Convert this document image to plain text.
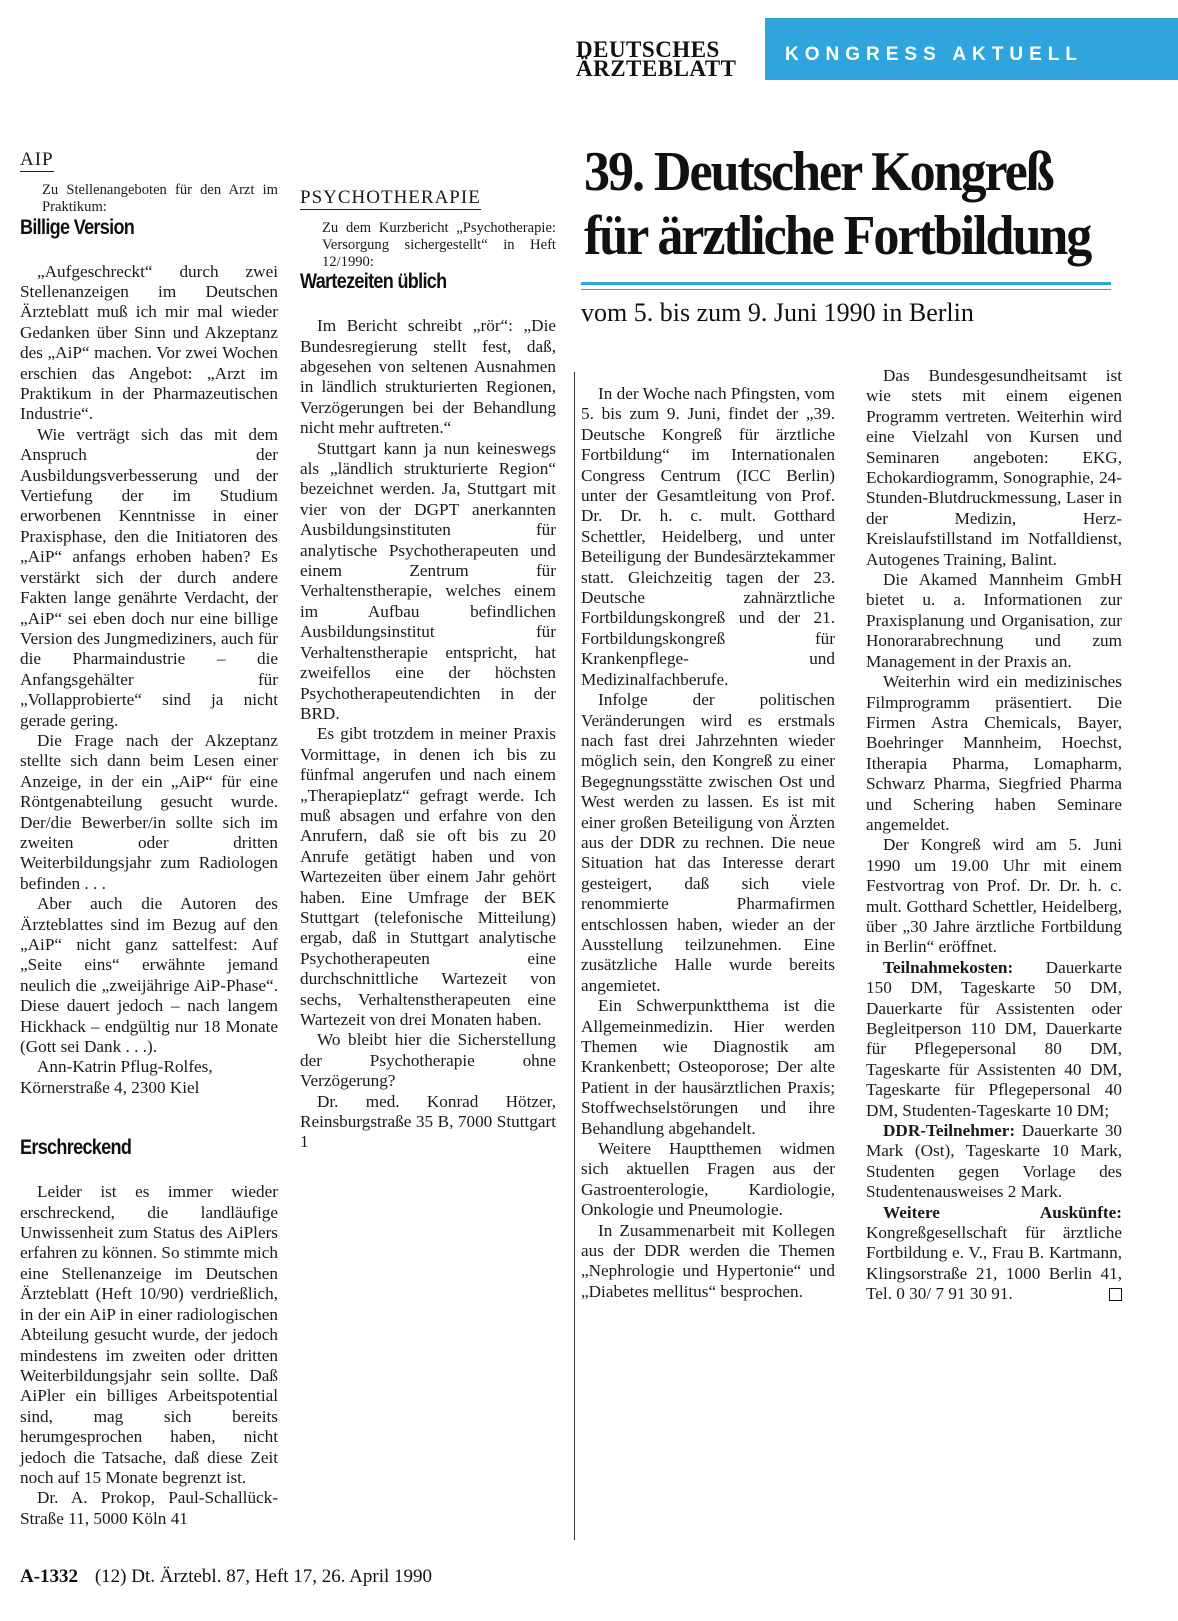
DEUTSCHES
ÄRZTEBLATT
KONGRESS AKTUELL
AIP

Zu Stellenangeboten für den Arzt im Praktikum:

Billige Version

„Aufgeschreckt“ durch zwei Stellenanzeigen im Deutschen Ärzteblatt muß ich mir mal wieder Gedanken über Sinn und Akzeptanz des „AiP“ machen. Vor zwei Wochen erschien das Angebot: „Arzt im Praktikum in der Pharmazeutischen Industrie“.

Wie verträgt sich das mit dem Anspruch der Ausbildungsverbesserung und der Vertiefung der im Studium erworbenen Kenntnisse in einer Praxisphase, den die Initiatoren des „AiP“ anfangs erhoben haben? Es verstärkt sich der durch andere Fakten lange genährte Verdacht, der „AiP“ sei eben doch nur eine billige Version des Jungmediziners, auch für die Pharmaindustrie – die Anfangsgehälter für „Vollapprobierte“ sind ja nicht gerade gering.

Die Frage nach der Akzeptanz stellte sich dann beim Lesen einer Anzeige, in der ein „AiP“ für eine Röntgenabteilung gesucht wurde. Der/die Bewerber/in sollte sich im zweiten oder dritten Weiterbildungsjahr zum Radiologen befinden . . .

Aber auch die Autoren des Ärzteblattes sind im Bezug auf den „AiP“ nicht ganz sattelfest: Auf „Seite eins“ erwähnte jemand neulich die „zweijährige AiP-Phase“. Diese dauert jedoch – nach langem Hickhack – endgültig nur 18 Monate (Gott sei Dank . . .).

Ann-Katrin Pflug-Rolfes,

Körnerstraße 4, 2300 Kiel

Erschreckend

Leider ist es immer wieder erschreckend, die landläufige Unwissenheit zum Status des AiPlers erfahren zu können. So stimmte mich eine Stellenanzeige im Deutschen Ärzteblatt (Heft 10/90) verdrießlich, in der ein AiP in einer radiologischen Abteilung gesucht wurde, der jedoch mindestens im zweiten oder dritten Weiterbildungsjahr sein sollte. Daß AiPler ein billiges Arbeitspotential sind, mag sich bereits herumgesprochen haben, nicht jedoch die Tatsache, daß diese Zeit noch auf 15 Monate begrenzt ist.

Dr. A. Prokop, Paul-Schallück-Straße 11, 5000 Köln 41

PSYCHOTHERAPIE

Zu dem Kurzbericht „Psychotherapie: Versorgung sichergestellt“ in Heft 12/1990:

Wartezeiten üblich

Im Bericht schreibt „rör“: „Die Bundesregierung stellt fest, daß, abgesehen von seltenen Ausnahmen in ländlich strukturierten Regionen, Verzögerungen bei der Behandlung nicht mehr auftreten.“

Stuttgart kann ja nun keineswegs als „ländlich strukturierte Region“ bezeichnet werden. Ja, Stuttgart mit vier von der DGPT anerkannten Ausbildungsinstituten für analytische Psychotherapeuten und einem Zentrum für Verhaltenstherapie, welches einem im Aufbau befindlichen Ausbildungsinstitut für Verhaltenstherapie entspricht, hat zweifellos eine der höchsten Psychotherapeutendichten in der BRD.

Es gibt trotzdem in meiner Praxis Vormittage, in denen ich bis zu fünfmal angerufen und nach einem „Therapieplatz“ gefragt werde. Ich muß absagen und erfahre von den Anrufern, daß sie oft bis zu 20 Anrufe getätigt haben und von Wartezeiten über einem Jahr gehört haben. Eine Umfrage der BEK Stuttgart (telefonische Mitteilung) ergab, daß in Stuttgart analytische Psychotherapeuten eine durchschnittliche Wartezeit von sechs, Verhaltenstherapeuten eine Wartezeit von drei Monaten haben.

Wo bleibt hier die Sicherstellung der Psychotherapie ohne Verzögerung?

Dr. med. Konrad Hötzer, Reinsburgstraße 35 B, 7000 Stuttgart 1

39. Deutscher Kongreß
für ärztliche Fortbildung
vom 5. bis zum 9. Juni 1990 in Berlin

In der Woche nach Pfingsten, vom 5. bis zum 9. Juni, findet der „39. Deutsche Kongreß für ärztliche Fortbildung“ im Internationalen Congress Centrum (ICC Berlin) unter der Gesamtleitung von Prof. Dr. Dr. h. c. mult. Gotthard Schettler, Heidelberg, und unter Beteiligung der Bundesärztekammer statt. Gleichzeitig tagen der 23. Deutsche zahnärztliche Fortbildungskongreß und der 21. Fortbildungskongreß für Krankenpflege- und Medizinalfachberufe.

Infolge der politischen Veränderungen wird es erstmals nach fast drei Jahrzehnten wieder möglich sein, den Kongreß zu einer Begegnungsstätte zwischen Ost und West werden zu lassen. Es ist mit einer großen Beteiligung von Ärzten aus der DDR zu rechnen. Die neue Situation hat das Interesse derart gesteigert, daß sich viele renommierte Pharmafirmen entschlossen haben, wieder an der Ausstellung teilzunehmen. Eine zusätzliche Halle wurde bereits angemietet.

Ein Schwerpunktthema ist die Allgemeinmedizin. Hier werden Themen wie Diagnostik am Krankenbett; Osteoporose; Der alte Patient in der hausärztlichen Praxis; Stoffwechselstörungen und ihre Behandlung abgehandelt.

Weitere Hauptthemen widmen sich aktuellen Fragen aus der Gastroenterologie, Kardiologie, Onkologie und Pneumologie.

In Zusammenarbeit mit Kollegen aus der DDR werden die Themen „Nephrologie und Hypertonie“ und „Diabetes mellitus“ besprochen.

Das Bundesgesundheitsamt ist wie stets mit einem eigenen Programm vertreten. Weiterhin wird eine Vielzahl von Kursen und Seminaren angeboten: EKG, Echokardiogramm, Sonographie, 24-Stunden-Blutdruckmessung, Laser in der Medizin, Herz-Kreislaufstillstand im Notfalldienst, Autogenes Training, Balint.

Die Akamed Mannheim GmbH bietet u. a. Informationen zur Praxisplanung und Organisation, zur Honorarabrechnung und zum Management in der Praxis an.

Weiterhin wird ein medizinisches Filmprogramm präsentiert. Die Firmen Astra Chemicals, Bayer, Boehringer Mannheim, Hoechst, Itherapia Pharma, Lomapharm, Schwarz Pharma, Siegfried Pharma und Schering haben Seminare angemeldet.

Der Kongreß wird am 5. Juni 1990 um 19.00 Uhr mit einem Festvortrag von Prof. Dr. Dr. h. c. mult. Gotthard Schettler, Heidelberg, über „30 Jahre ärztliche Fortbildung in Berlin“ eröffnet.

Teilnahmekosten: Dauerkarte 150 DM, Tageskarte 50 DM, Dauerkarte für Assistenten oder Begleitperson 110 DM, Dauerkarte für Pflegepersonal 80 DM, Tageskarte für Assistenten 40 DM, Tageskarte für Pflegepersonal 40 DM, Studenten-Tageskarte 10 DM;

DDR-Teilnehmer: Dauerkarte 30 Mark (Ost), Tageskarte 10 Mark, Studenten gegen Vorlage des Studentenausweises 2 Mark.

Weitere Auskünfte: Kongreßgesellschaft für ärztliche Fortbildung e. V., Frau B. Kartmann, Klingsorstraße 21, 1000 Berlin 41, Tel. 0 30/ 7 91 30 91.

A-1332 (12) Dt. Ärztebl. 87, Heft 17, 26. April 1990
